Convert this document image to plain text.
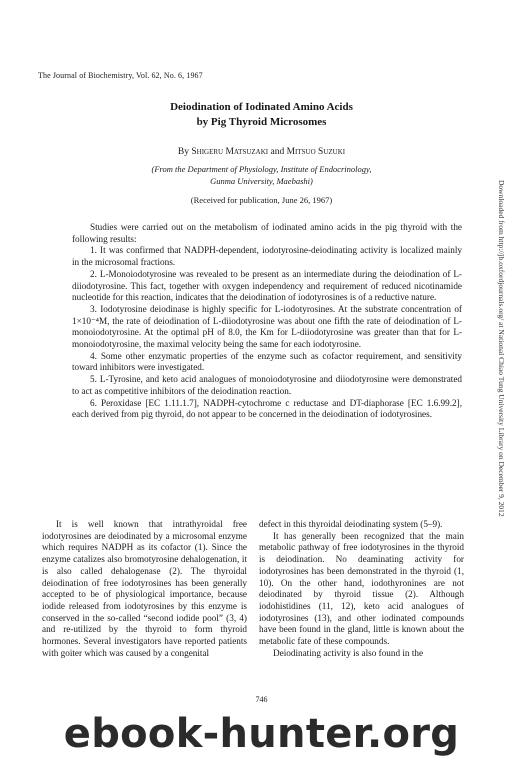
The Journal of Biochemistry, Vol. 62, No. 6, 1967
Deiodination of Iodinated Amino Acids
by Pig Thyroid Microsomes
By Shigeru Matsuzaki and Mitsuo Suzuki
(From the Department of Physiology, Institute of Endocrinology,
Gunma University, Maebashi)
(Received for publication, June 26, 1967)

Studies were carried out on the metabolism of iodinated amino acids in the pig thyroid with the following results:

1. It was confirmed that NADPH-dependent, iodotyrosine-deiodinating activity is localized mainly in the microsomal fractions.

2. L-Monoiodotyrosine was revealed to be present as an intermediate during the deiodination of L-diiodotyrosine. This fact, together with oxygen independency and requirement of reduced nicotinamide nucleotide for this reaction, indicates that the deiodination of iodotyrosines is of a reductive nature.

3. Iodotyrosine deiodinase is highly specific for L-iodotyrosines. At the substrate concentration of 1×10⁻⁴M, the rate of deiodination of L-diiodotyrosine was about one fifth the rate of deiodination of L-monoiodotyrosine. At the optimal pH of 8.0, the Km for L-diiodotyrosine was greater than that for L-monoiodotyrosine, the maximal velocity being the same for each iodotyrosine.

4. Some other enzymatic properties of the enzyme such as cofactor requirement, and sensitivity toward inhibitors were investigated.

5. L-Tyrosine, and keto acid analogues of monoiodotyrosine and diiodotyrosine were demonstrated to act as competitive inhibitors of the deiodination reaction.

6. Peroxidase [EC 1.11.1.7], NADPH-cytochrome c reductase and DT-diaphorase [EC 1.6.99.2], each derived from pig thyroid, do not appear to be concerned in the deiodination of iodotyrosines.

It is well known that intrathyroidal free iodotyrosines are deiodinated by a microsomal enzyme which requires NADPH as its cofactor (1). Since the enzyme catalizes also bromotyrosine dehalogenation, it is also called dehalogenase (2). The thyroidal deiodination of free iodotyrosines has been generally accepted to be of physiological importance, because iodide released from iodotyrosines by this enzyme is conserved in the so-called “second iodide pool” (3, 4) and re-utilized by the thyroid to form thyroid hormones. Several investigators have reported patients with goiter which was caused by a congenital

defect in this thyroidal deiodinating system (5–9).

It has generally been recognized that the main metabolic pathway of free iodotyrosines in the thyroid is deiodination. No deaminating activity for iodotyrosines has been demonstrated in the thyroid (1, 10). On the other hand, iodothyronines are not deiodinated by thyroid tissue (2). Although iodohistidines (11, 12), keto acid analogues of iodotyrosines (13), and other iodinated compounds have been found in the gland, little is known about the metabolic fate of these compounds.

Deiodinating activity is also found in the

746
Downloaded from http://jb.oxfordjournals.org/ at National Chiao Tung University Library on December 9, 2012
ebook-hunter.org
